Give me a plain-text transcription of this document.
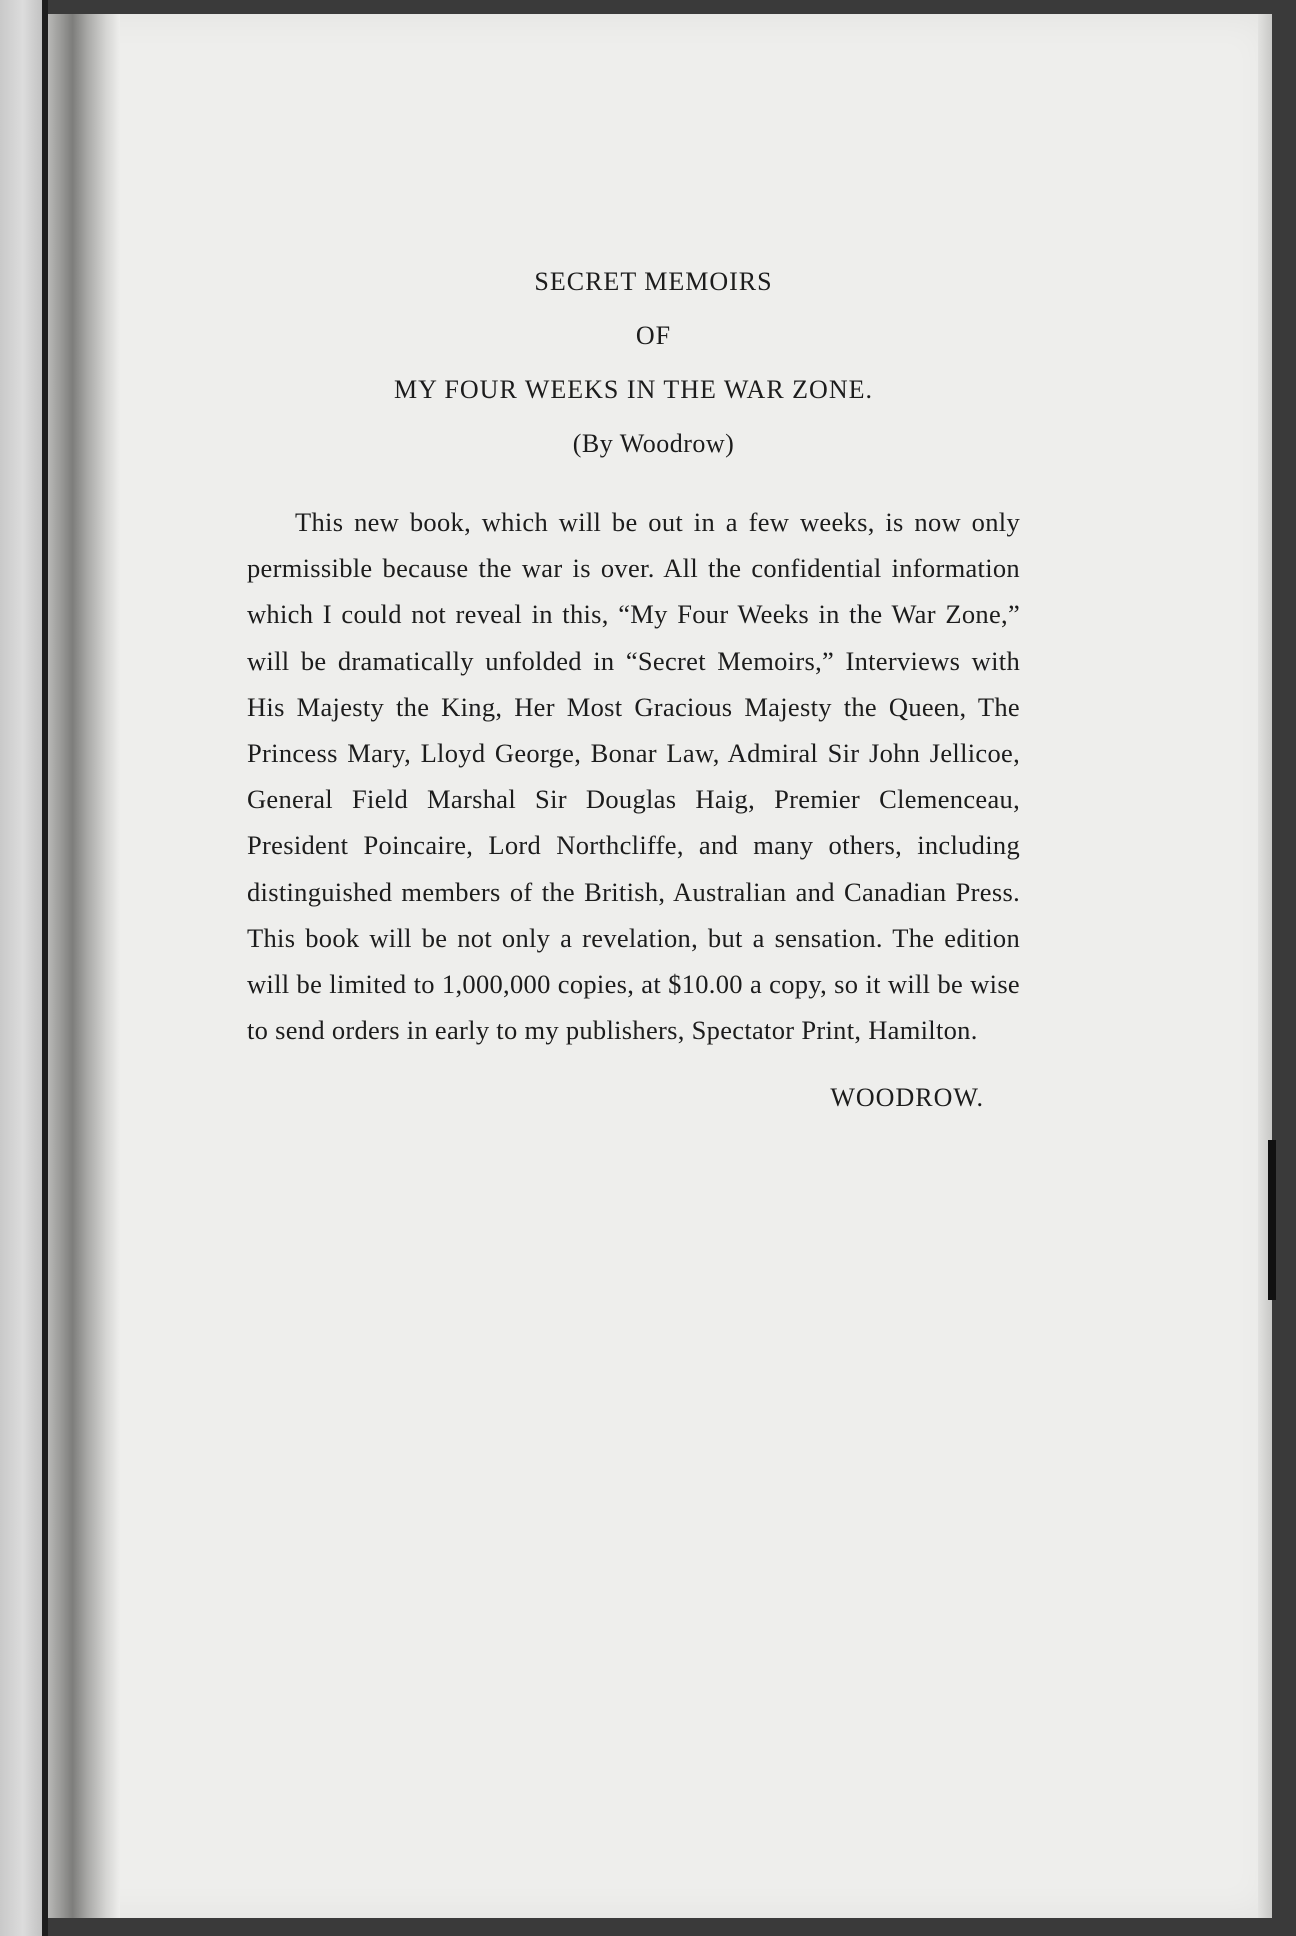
SECRET MEMOIRS

OF

MY FOUR WEEKS IN THE WAR ZONE.

(By Woodrow)

This new book, which will be out in a few weeks, is now only permissible because the war is over. All the confidential information which I could not reveal in this, “My Four Weeks in the War Zone,” will be dramatically unfolded in “Secret Memoirs,” Interviews with His Majesty the King, Her Most Gracious Majesty the Queen, The Princess Mary, Lloyd George, Bonar Law, Admiral Sir John Jellicoe, General Field Marshal Sir Douglas Haig, Premier Clemenceau, President Poincaire, Lord Northcliffe, and many others, including distinguished members of the British, Australian and Canadian Press. This book will be not only a revelation, but a sensation. The edition will be limited to 1,000,000 copies, at $10.00 a copy, so it will be wise to send orders in early to my publishers, Spectator Print, Hamilton.

WOODROW.
